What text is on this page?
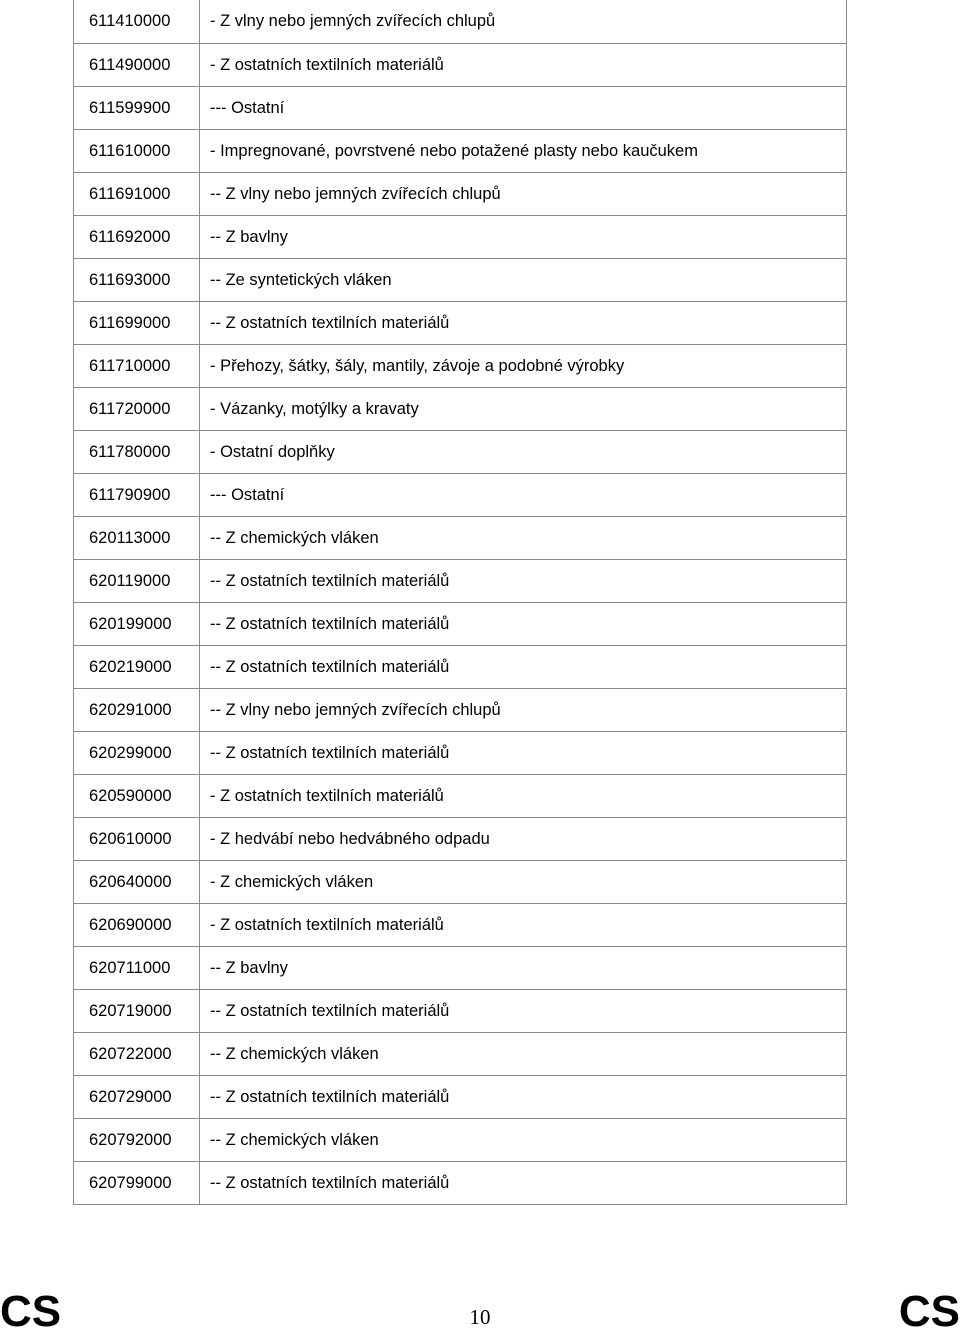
611410000	- Z vlny nebo jemných zvířecích chlupů
611490000	- Z ostatních textilních materiálů
611599900	--- Ostatní
611610000	- Impregnované, povrstvené nebo potažené plasty nebo kaučukem
611691000	-- Z vlny nebo jemných zvířecích chlupů
611692000	-- Z bavlny
611693000	-- Ze syntetických vláken
611699000	-- Z ostatních textilních materiálů
611710000	- Přehozy, šátky, šály, mantily, závoje a podobné výrobky
611720000	- Vázanky, motýlky a kravaty
611780000	- Ostatní doplňky
611790900	--- Ostatní
620113000	-- Z chemických vláken
620119000	-- Z ostatních textilních materiálů
620199000	-- Z ostatních textilních materiálů
620219000	-- Z ostatních textilních materiálů
620291000	-- Z vlny nebo jemných zvířecích chlupů
620299000	-- Z ostatních textilních materiálů
620590000	- Z ostatních textilních materiálů
620610000	- Z hedvábí nebo hedvábného odpadu
620640000	- Z chemických vláken
620690000	- Z ostatních textilních materiálů
620711000	-- Z bavlny
620719000	-- Z ostatních textilních materiálů
620722000	-- Z chemických vláken
620729000	-- Z ostatních textilních materiálů
620792000	-- Z chemických vláken
620799000	-- Z ostatních textilních materiálů
CS	10	CS
